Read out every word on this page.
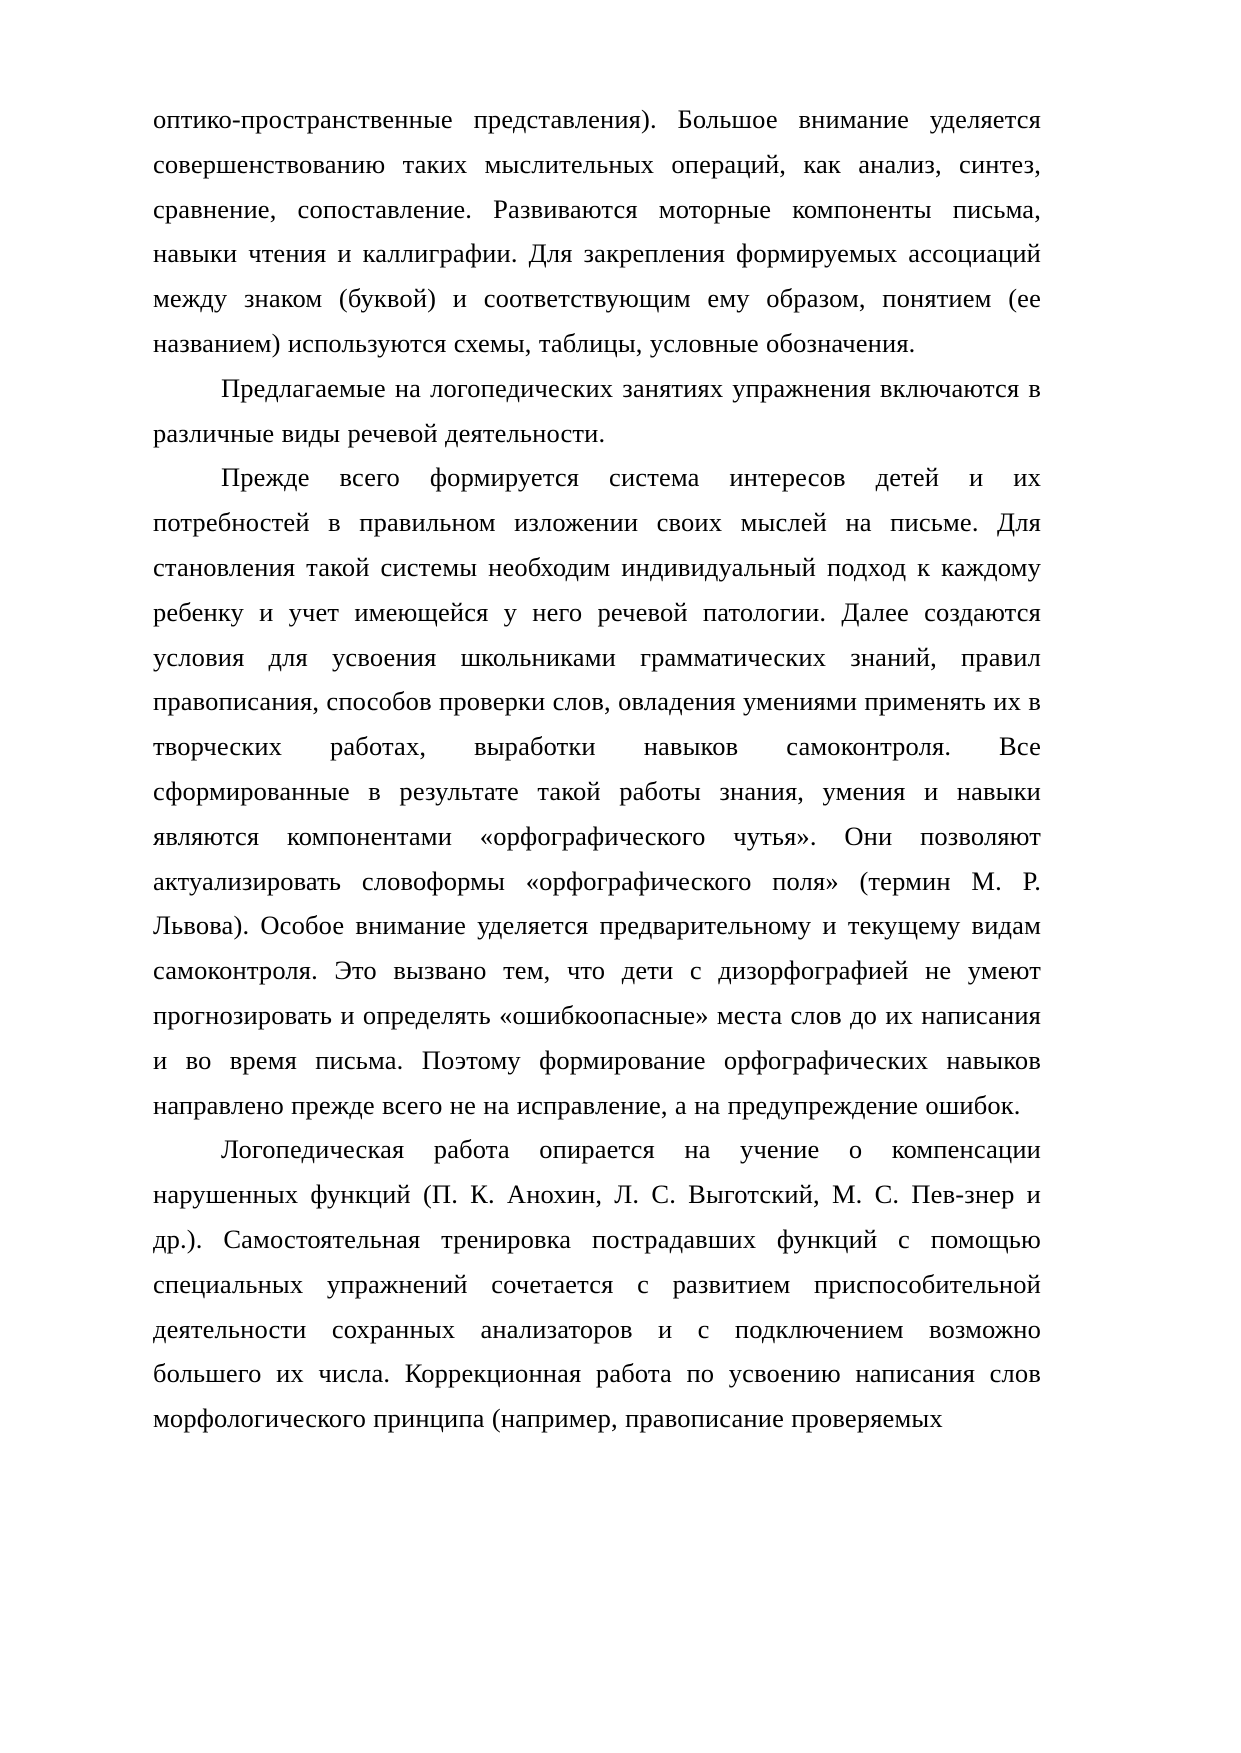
оптико-пространственные представления). Большое внимание уделяется совершенствованию таких мыслительных операций, как анализ, синтез, сравнение, сопоставление. Развиваются моторные компоненты письма, навыки чтения и каллиграфии. Для закрепления формируемых ассоциаций между знаком (буквой) и соответствующим ему образом, понятием (ее названием) используются схемы, таблицы, условные обозначения.

Предлагаемые на логопедических занятиях упражнения включаются в различные виды речевой деятельности.

Прежде всего формируется система интересов детей и их потребностей в правильном изложении своих мыслей на письме. Для становления такой системы необходим индивидуальный подход к каждому ребенку и учет имеющейся у него речевой патологии. Далее создаются условия для усвоения школьниками грамматических знаний, правил правописания, способов проверки слов, овладения умениями применять их в творческих работах, выработки навыков самоконтроля. Все сформированные в результате такой работы знания, умения и навыки являются компонентами «орфографического чутья». Они позволяют актуализировать словоформы «орфографического поля» (термин М. Р. Львова). Особое внимание уделяется предварительному и текущему видам самоконтроля. Это вызвано тем, что дети с дизорфографией не умеют прогнозировать и определять «ошибкоопасные» места слов до их написания и во время письма. Поэтому формирование орфографических навыков направлено прежде всего не на исправление, а на предупреждение ошибок.

Логопедическая работа опирается на учение о компенсации нарушенных функций (П. К. Анохин, Л. С. Выготский, М. С. Пев-знер и др.). Самостоятельная тренировка пострадавших функций с помощью специальных упражнений сочетается с развитием приспособительной деятельности сохранных анализаторов и с подключением возможно большего их числа. Коррекционная работа по усвоению написания слов морфологического принципа (например, правописание проверяемых
